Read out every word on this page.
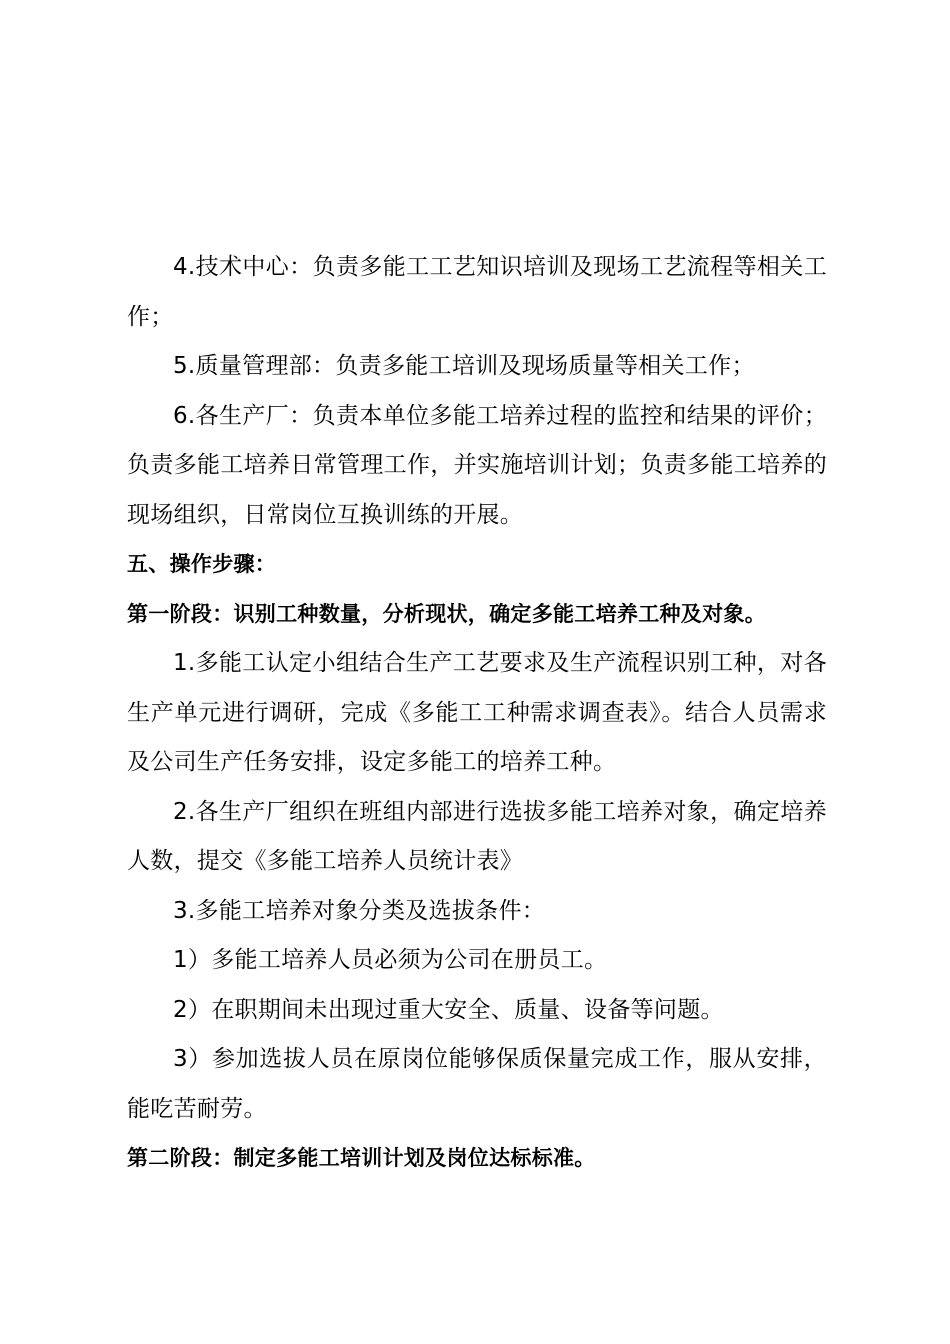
4.技术中心：负责多能工工艺知识培训及现场工艺流程等相关工作；

5.质量管理部：负责多能工培训及现场质量等相关工作；

6.各生产厂：负责本单位多能工培养过程的监控和结果的评价；负责多能工培养日常管理工作，并实施培训计划；负责多能工培养的现场组织，日常岗位互换训练的开展。

五、操作步骤：

第一阶段：识别工种数量，分析现状，确定多能工培养工种及对象。

1.多能工认定小组结合生产工艺要求及生产流程识别工种，对各生产单元进行调研，完成《多能工工种需求调查表》。结合人员需求及公司生产任务安排，设定多能工的培养工种。

2.各生产厂组织在班组内部进行选拔多能工培养对象，确定培养人数，提交《多能工培养人员统计表》

3.多能工培养对象分类及选拔条件：

1）多能工培养人员必须为公司在册员工。

2）在职期间未出现过重大安全、质量、设备等问题。

3）参加选拔人员在原岗位能够保质保量完成工作，服从安排，能吃苦耐劳。

第二阶段：制定多能工培训计划及岗位达标标准。
